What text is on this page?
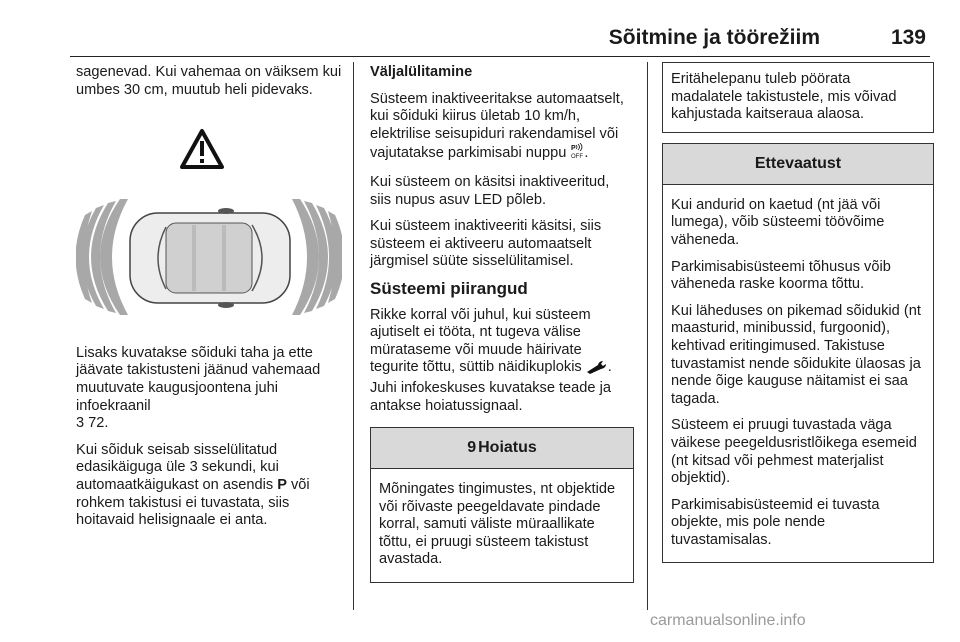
Sõitmine ja töörežiim	139

sagenevad. Kui vahemaa on väiksem kui umbes 30 cm, muutub heli pidevaks.

Lisaks kuvatakse sõiduki taha ja ette jäävate takistusteni jäänud vahemaad muutuvate kaugusjoontena juhi infoekraanil
3 72.

Kui sõiduk seisab sisselülitatud edasikäiguga üle 3 sekundi, kui automaatkäigukast on asendis P või rohkem takistusi ei tuvastata, siis hoitavaid helisignaale ei anta.

Väljalülitamine

Süsteem inaktiveeritakse automaatselt, kui sõiduki kiirus ületab 10 km/h, elektrilise seisupiduri rakendamisel või vajutatakse parkimisabi nuppu P
OFF .

Kui süsteem on käsitsi inaktiveeritud, siis nupus asuv LED põleb.

Kui süsteem inaktiveeriti käsitsi, siis süsteem ei aktiveeru automaatselt järgmisel süüte sisselülitamisel.

Süsteemi piirangud

Rikke korral või juhul, kui süsteem ajutiselt ei tööta, nt tugeva välise mürataseme või muude häirivate tegurite tõttu, süttib näidikuplokis . Juhi infokeskuses kuvatakse teade ja antakse hoiatussignaal.

9 Hoiatus

Mõningates tingimustes, nt objektide või rõivaste peegeldavate pindade korral, samuti väliste müraallikate tõttu, ei pruugi süsteem takistust avastada.

Eritähelepanu tuleb pöörata madalatele takistustele, mis võivad kahjustada kaitseraua alaosa.

Ettevaatust

Kui andurid on kaetud (nt jää või lumega), võib süsteemi töövõime väheneda.

Parkimisabisüsteemi tõhusus võib väheneda raske koorma tõttu.

Kui läheduses on pikemad sõidukid (nt maasturid, minibussid, furgoonid), kehtivad eritingimused. Takistuse tuvastamist nende sõidukite ülaosas ja nende õige kauguse näitamist ei saa tagada.

Süsteem ei pruugi tuvastada väga väikese peegeldusristlõikega esemeid (nt kitsad või pehmest materjalist objektid).

Parkimisabisüsteemid ei tuvasta objekte, mis pole nende tuvastamisalas.

carmanualsonline.info
